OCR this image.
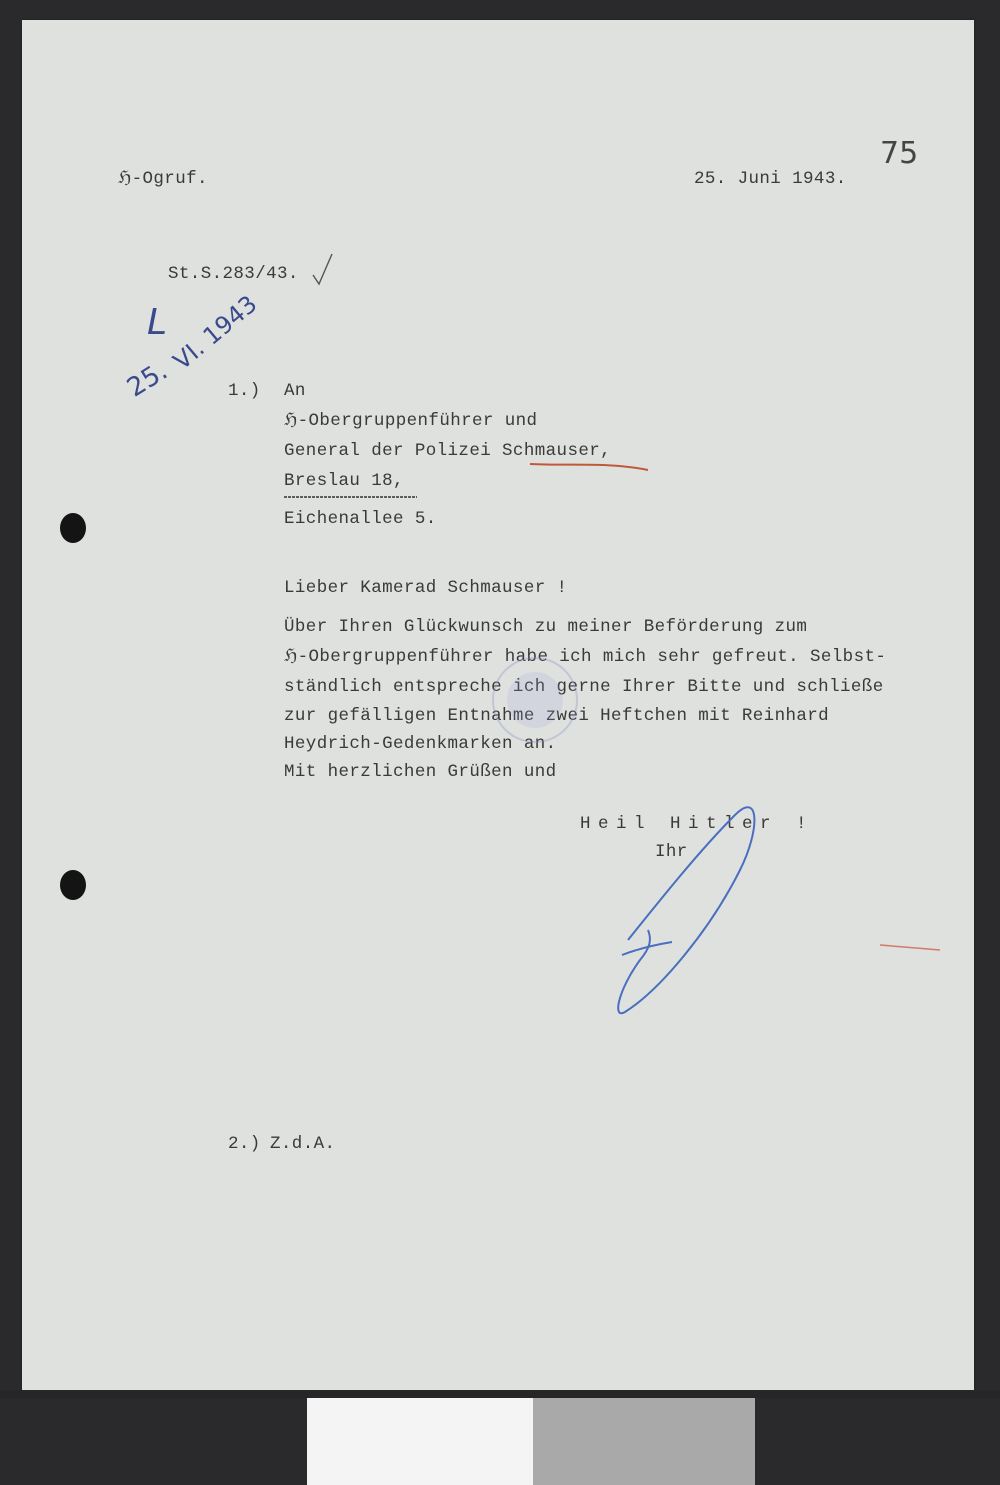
ℌ-Ogruf.	25. Juni 1943.
75
St.S.283/43.
25.
VI. 1943
L
1.) An
ℌ-Obergruppenführer und
General der Polizei Schmauser,
Breslau 18,
Eichenallee 5.
Lieber Kamerad Schmauser !
Über Ihren Glückwunsch zu meiner Beförderung zum
ℌ-Obergruppenführer habe ich mich sehr gefreut. Selbst-
ständlich entspreche ich gerne Ihrer Bitte und schließe
zur gefälligen Entnahme zwei Heftchen mit Reinhard
Heydrich-Gedenkmarken an.
Mit herzlichen Grüßen und
Heil Hitler !
Ihr
2.) Z.d.A.
